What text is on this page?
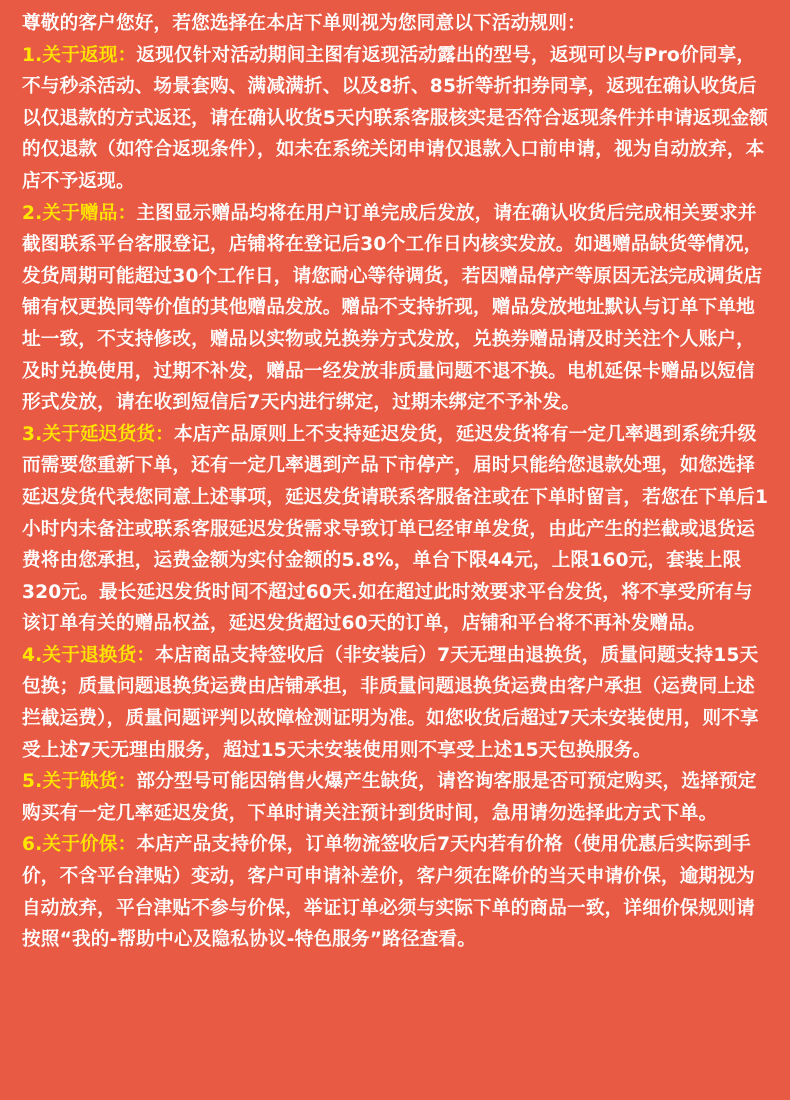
尊敬的客户您好，若您选择在本店下单则视为您同意以下活动规则：

1.关于返现：返现仅针对活动期间主图有返现活动露出的型号，返现可以与Pro价同享，不与秒杀活动、场景套购、满减满折、以及8折、85折等折扣券同享，返现在确认收货后以仅退款的方式返还，请在确认收货5天内联系客服核实是否符合返现条件并申请返现金额的仅退款（如符合返现条件），如未在系统关闭申请仅退款入口前申请，视为自动放弃，本店不予返现。

2.关于赠品：主图显示赠品均将在用户订单完成后发放，请在确认收货后完成相关要求并截图联系平台客服登记，店铺将在登记后30个工作日内核实发放。如遇赠品缺货等情况，发货周期可能超过30个工作日，请您耐心等待调货，若因赠品停产等原因无法完成调货店铺有权更换同等价值的其他赠品发放。赠品不支持折现，赠品发放地址默认与订单下单地址一致，不支持修改，赠品以实物或兑换券方式发放，兑换券赠品请及时关注个人账户，及时兑换使用，过期不补发，赠品一经发放非质量问题不退不换。电机延保卡赠品以短信形式发放，请在收到短信后7天内进行绑定，过期未绑定不予补发。

3.关于延迟货货：本店产品原则上不支持延迟发货，延迟发货将有一定几率遇到系统升级而需要您重新下单，还有一定几率遇到产品下市停产，届时只能给您退款处理，如您选择延迟发货代表您同意上述事项，延迟发货请联系客服备注或在下单时留言，若您在下单后1小时内未备注或联系客服延迟发货需求导致订单已经审单发货，由此产生的拦截或退货运费将由您承担，运费金额为实付金额的5.8%，单台下限44元，上限160元，套装上限320元。最长延迟发货时间不超过60天.如在超过此时效要求平台发货，将不享受所有与该订单有关的赠品权益，延迟发货超过60天的订单，店铺和平台将不再补发赠品。

4.关于退换货：本店商品支持签收后（非安装后）7天无理由退换货，质量问题支持15天包换；质量问题退换货运费由店铺承担，非质量问题退换货运费由客户承担（运费同上述拦截运费），质量问题评判以故障检测证明为准。如您收货后超过7天未安装使用，则不享受上述7天无理由服务，超过15天未安装使用则不享受上述15天包换服务。

5.关于缺货：部分型号可能因销售火爆产生缺货，请咨询客服是否可预定购买，选择预定购买有一定几率延迟发货，下单时请关注预计到货时间，急用请勿选择此方式下单。

6.关于价保：本店产品支持价保，订单物流签收后7天内若有价格（使用优惠后实际到手价，不含平台津贴）变动，客户可申请补差价，客户须在降价的当天申请价保，逾期视为自动放弃，平台津贴不参与价保，举证订单必须与实际下单的商品一致，详细价保规则请按照“我的-帮助中心及隐私协议-特色服务”路径查看。
